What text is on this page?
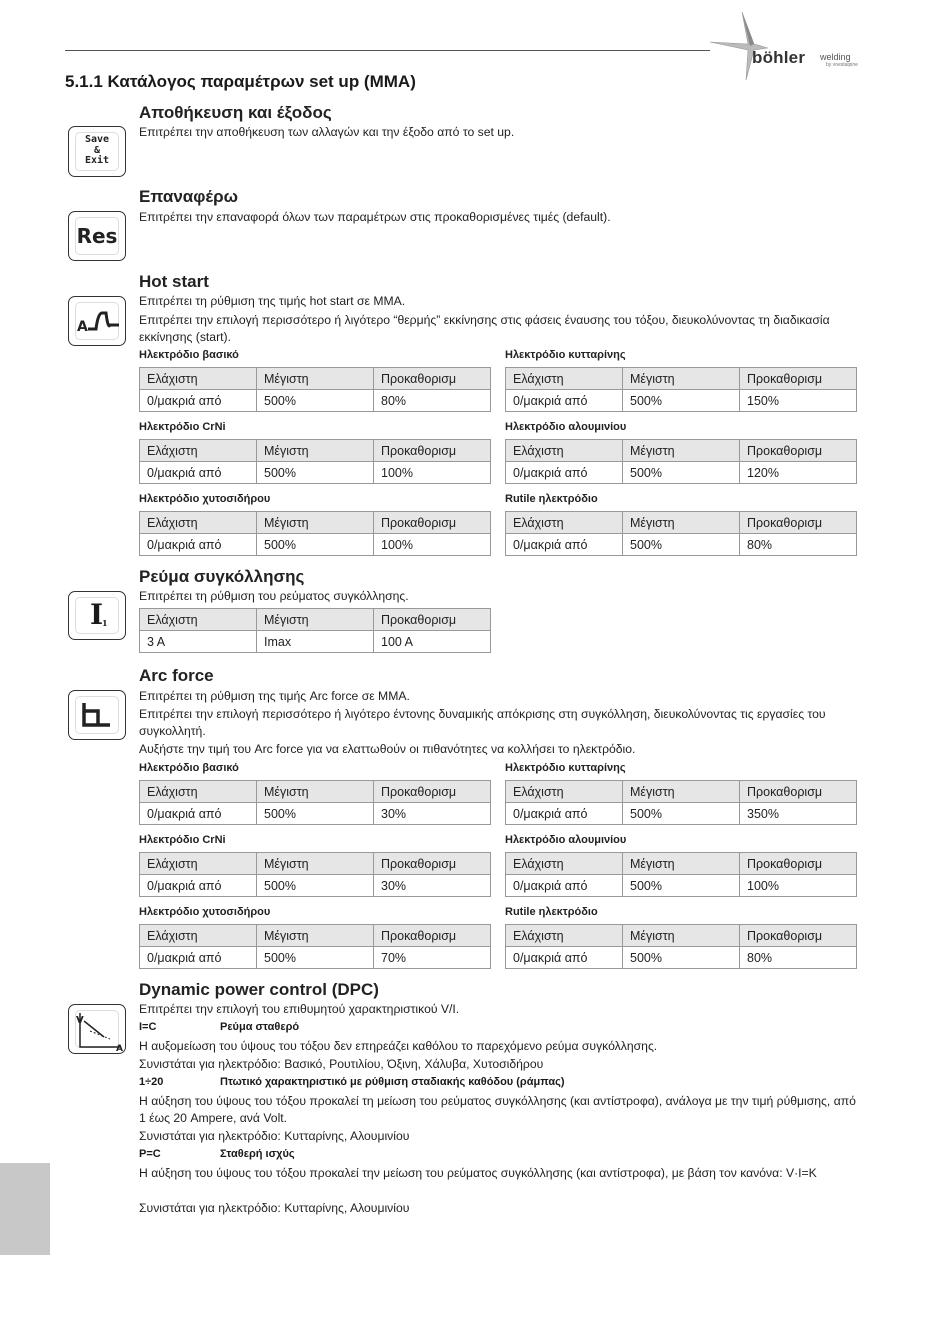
böhler welding
by voestalpine
5.1.1 Κατάλογος παραμέτρων set up (MMA)
Save
&
Exit
Αποθήκευση και έξοδος
Επιτρέπει την αποθήκευση των αλλαγών και την έξοδο από το set up.
Res
Επαναφέρω
Επιτρέπει την επαναφορά όλων των παραμέτρων στις προκαθορισμένες τιμές (default).
A
Hot start
Επιτρέπει τη ρύθμιση της τιμής hot start σε MMA.
Επιτρέπει την επιλογή περισσότερο ή λιγότερο “θερμής” εκκίνησης στις φάσεις έναυσης του τόξου, διευκολύνοντας τη διαδικασία εκκίνησης (start).
Ηλεκτρόδιο βασικό
Ελάχιστη	Μέγιστη	Προκαθορισμ
0/μακριά από	500%	80%
Ηλεκτρόδιο κυτταρίνης
Ελάχιστη	Μέγιστη	Προκαθορισμ
0/μακριά από	500%	150%
Ηλεκτρόδιο CrNi
Ελάχιστη	Μέγιστη	Προκαθορισμ
0/μακριά από	500%	100%
Ηλεκτρόδιο αλουμινίου
Ελάχιστη	Μέγιστη	Προκαθορισμ
0/μακριά από	500%	120%
Ηλεκτρόδιο χυτοσιδήρου
Ελάχιστη	Μέγιστη	Προκαθορισμ
0/μακριά από	500%	100%
Rutile ηλεκτρόδιο
Ελάχιστη	Μέγιστη	Προκαθορισμ
0/μακριά από	500%	80%
I
1
Ρεύμα συγκόλλησης
Επιτρέπει τη ρύθμιση του ρεύματος συγκόλλησης.
Ελάχιστη	Μέγιστη	Προκαθορισμ
3 A	Imax	100 A
Arc force
Επιτρέπει τη ρύθμιση της τιμής Arc force σε MMA.
Επιτρέπει την επιλογή περισσότερο ή λιγότερο έντονης δυναμικής απόκρισης στη συγκόλληση, διευκολύνοντας τις εργασίες του συγκολλητή.
Αυξήστε την τιμή του Arc force για να ελαττωθούν οι πιθανότητες να κολλήσει το ηλεκτρόδιο.
Ηλεκτρόδιο βασικό
Ελάχιστη	Μέγιστη	Προκαθορισμ
0/μακριά από	500%	30%
Ηλεκτρόδιο κυτταρίνης
Ελάχιστη	Μέγιστη	Προκαθορισμ
0/μακριά από	500%	350%
Ηλεκτρόδιο CrNi
Ελάχιστη	Μέγιστη	Προκαθορισμ
0/μακριά από	500%	30%
Ηλεκτρόδιο αλουμινίου
Ελάχιστη	Μέγιστη	Προκαθορισμ
0/μακριά από	500%	100%
Ηλεκτρόδιο χυτοσιδήρου
Ελάχιστη	Μέγιστη	Προκαθορισμ
0/μακριά από	500%	70%
Rutile ηλεκτρόδιο
Ελάχιστη	Μέγιστη	Προκαθορισμ
0/μακριά από	500%	80%
V
A
Dynamic power control (DPC)
Επιτρέπει την επιλογή του επιθυμητού χαρακτηριστικού V/I.
I=C	Ρεύμα σταθερό
Η αυξομείωση του ύψους του τόξου δεν επηρεάζει καθόλου το παρεχόμενο ρεύμα συγκόλλησης.
Συνιστάται για ηλεκτρόδιο: Βασικό, Ρουτιλίου, Όξινη, Χάλυβα, Χυτοσιδήρου
1÷20	Πτωτικό χαρακτηριστικό με ρύθμιση σταδιακής καθόδου (ράμπας)
Η αύξηση του ύψους του τόξου προκαλεί τη μείωση του ρεύματος συγκόλλησης (και αντίστροφα), ανάλογα με την τιμή ρύθμισης, από 1 έως 20 Ampere, ανά Volt.
Συνιστάται για ηλεκτρόδιο: Κυτταρίνης, Αλουμινίου
P=C	Σταθερή ισχύς
Η αύξηση του ύψους του τόξου προκαλεί την μείωση του ρεύματος συγκόλλησης (και αντίστροφα), με βάση τον κανόνα: V·I=K
Συνιστάται για ηλεκτρόδιο: Κυτταρίνης, Αλουμινίου
